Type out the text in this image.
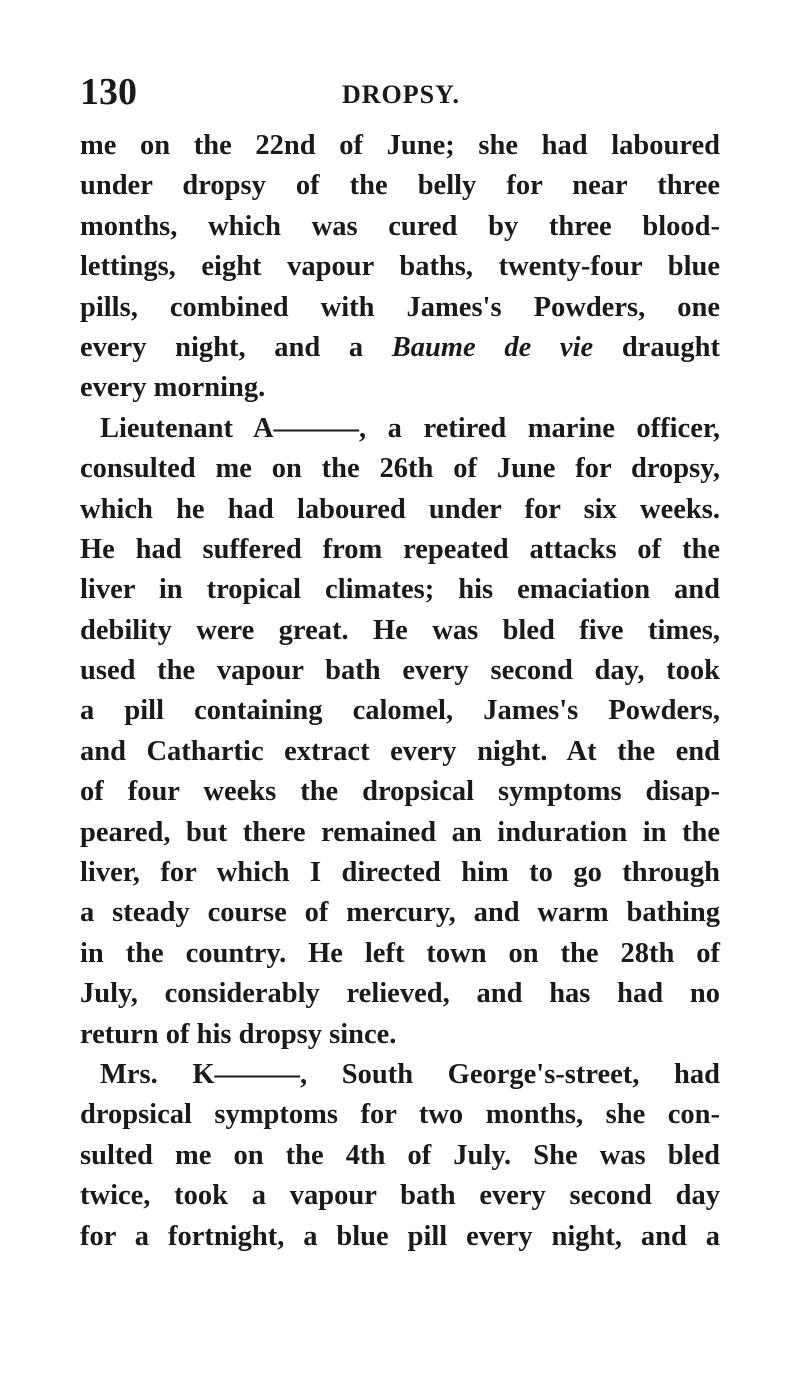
130	DROPSY.
me on the 22nd of June; she had laboured
under dropsy of the belly for near three
months, which was cured by three blood-
lettings, eight vapour baths, twenty-four blue
pills, combined with James's Powders, one
every night, and a Baume de vie draught
every morning.
Lieutenant A———, a retired marine officer,
consulted me on the 26th of June for dropsy,
which he had laboured under for six weeks.
He had suffered from repeated attacks of the
liver in tropical climates; his emaciation and
debility were great. He was bled five times,
used the vapour bath every second day, took
a pill containing calomel, James's Powders,
and Cathartic extract every night. At the end
of four weeks the dropsical symptoms disap-
peared, but there remained an induration in the
liver, for which I directed him to go through
a steady course of mercury, and warm bathing
in the country. He left town on the 28th of
July, considerably relieved, and has had no
return of his dropsy since.
Mrs. K———, South George's-street, had
dropsical symptoms for two months, she con-
sulted me on the 4th of July. She was bled
twice, took a vapour bath every second day
for a fortnight, a blue pill every night, and a
